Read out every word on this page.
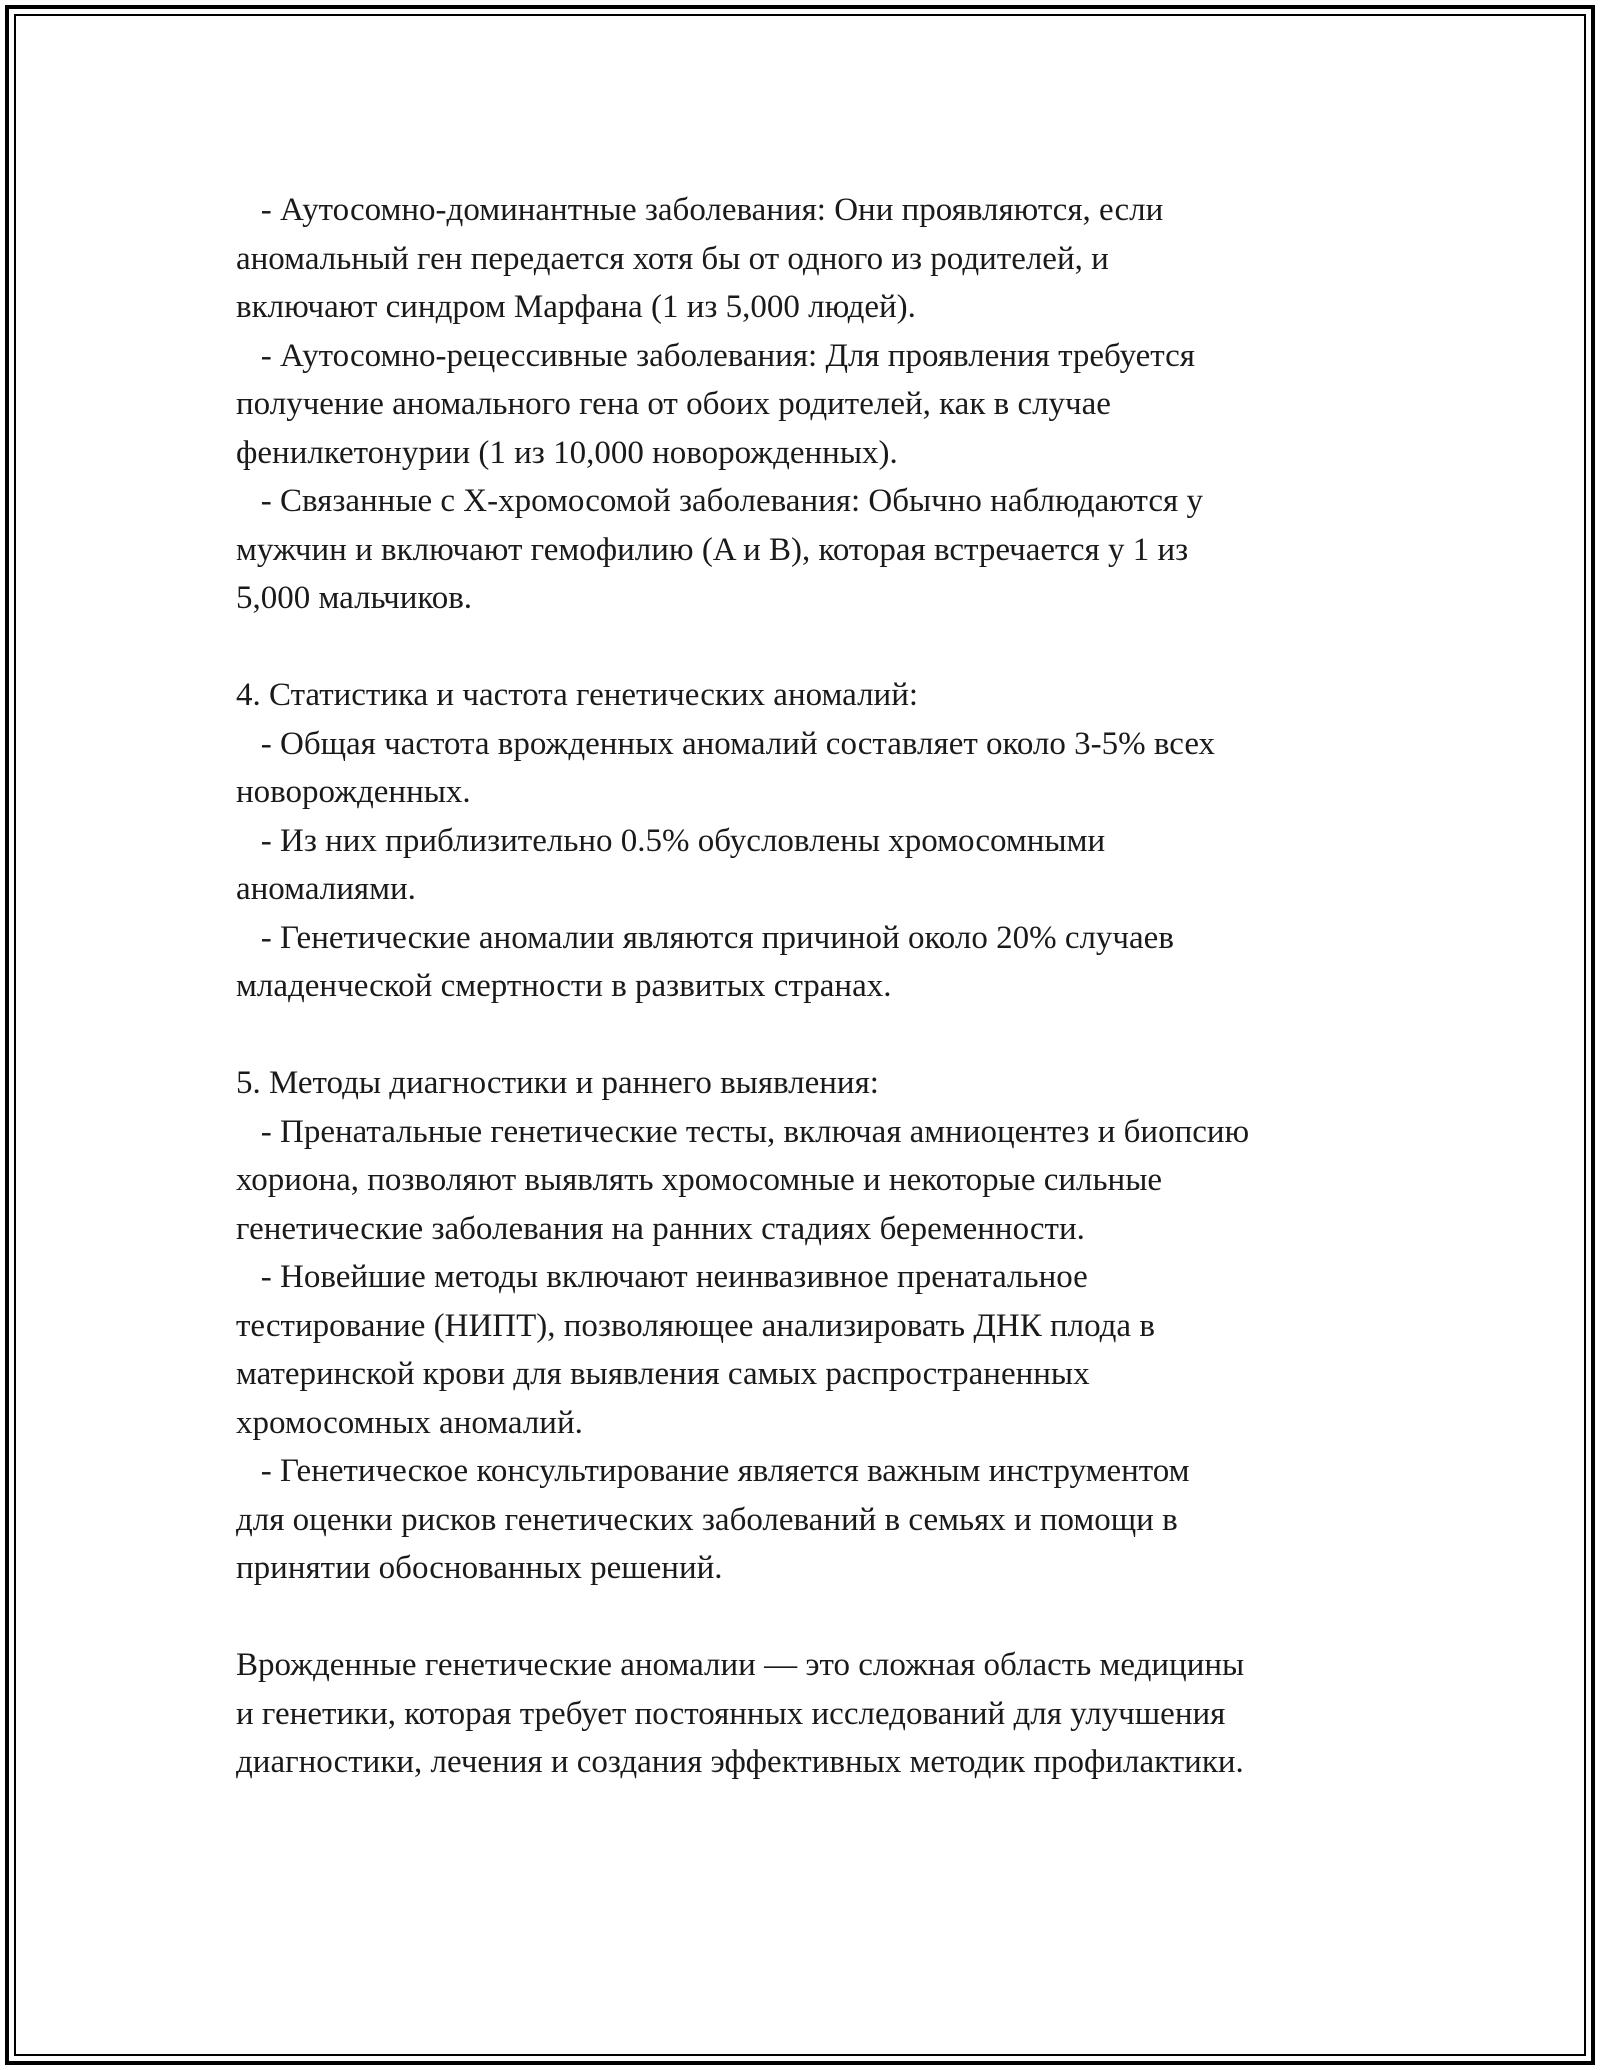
- Аутосомно-доминантные заболевания: Они проявляются, если
аномальный ген передается хотя бы от одного из родителей, и
включают синдром Марфана (1 из 5,000 людей).
- Аутосомно-рецессивные заболевания: Для проявления требуется
получение аномального гена от обоих родителей, как в случае
фенилкетонурии (1 из 10,000 новорожденных).
- Связанные с X-хромосомой заболевания: Обычно наблюдаются у
мужчин и включают гемофилию (A и B), которая встречается у 1 из
5,000 мальчиков.
4. Статистика и частота генетических аномалий:
- Общая частота врожденных аномалий составляет около 3-5% всех
новорожденных.
- Из них приблизительно 0.5% обусловлены хромосомными
аномалиями.
- Генетические аномалии являются причиной около 20% случаев
младенческой смертности в развитых странах.
5. Методы диагностики и раннего выявления:
- Пренатальные генетические тесты, включая амниоцентез и биопсию
хориона, позволяют выявлять хромосомные и некоторые сильные
генетические заболевания на ранних стадиях беременности.
- Новейшие методы включают неинвазивное пренатальное
тестирование (НИПТ), позволяющее анализировать ДНК плода в
материнской крови для выявления самых распространенных
хромосомных аномалий.
- Генетическое консультирование является важным инструментом
для оценки рисков генетических заболеваний в семьях и помощи в
принятии обоснованных решений.
Врожденные генетические аномалии — это сложная область медицины
и генетики, которая требует постоянных исследований для улучшения
диагностики, лечения и создания эффективных методик профилактики.
